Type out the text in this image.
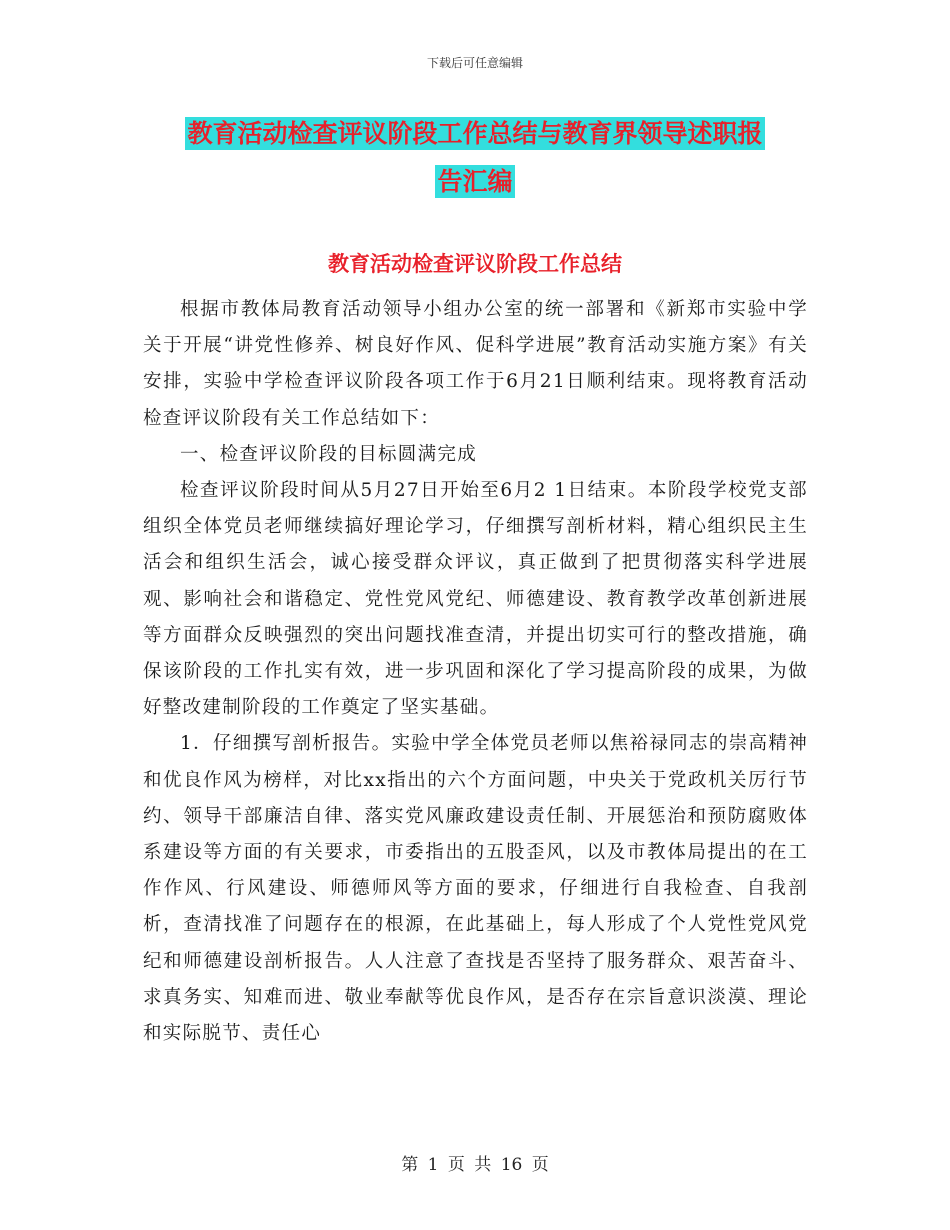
下载后可任意编辑
教育活动检查评议阶段工作总结与教育界领导述职报
告汇编
教育活动检查评议阶段工作总结

根据市教体局教育活动领导小组办公室的统一部署和《新郑市实验中学关于开展“讲党性修养、树良好作风、促科学进展”教育活动实施方案》有关安排，实验中学检查评议阶段各项工作于6月21日顺利结束。现将教育活动检查评议阶段有关工作总结如下：

一、检查评议阶段的目标圆满完成

检查评议阶段时间从5月27日开始至6月2 1日结束。本阶段学校党支部组织全体党员老师继续搞好理论学习，仔细撰写剖析材料，精心组织民主生活会和组织生活会，诚心接受群众评议，真正做到了把贯彻落实科学进展观、影响社会和谐稳定、党性党风党纪、师德建设、教育教学改革创新进展等方面群众反映强烈的突出问题找准查清，并提出切实可行的整改措施，确保该阶段的工作扎实有效，进一步巩固和深化了学习提高阶段的成果，为做好整改建制阶段的工作奠定了坚实基础。

1．仔细撰写剖析报告。实验中学全体党员老师以焦裕禄同志的崇高精神和优良作风为榜样，对比xx指出的六个方面问题，中央关于党政机关厉行节约、领导干部廉洁自律、落实党风廉政建设责任制、开展惩治和预防腐败体系建设等方面的有关要求，市委指出的五股歪风，以及市教体局提出的在工作作风、行风建设、师德师风等方面的要求，仔细进行自我检查、自我剖析，查清找准了问题存在的根源，在此基础上，每人形成了个人党性党风党纪和师德建设剖析报告。人人注意了查找是否坚持了服务群众、艰苦奋斗、求真务实、知难而进、敬业奉献等优良作风，是否存在宗旨意识淡漠、理论和实际脱节、责任心

第 1 页 共 16 页
